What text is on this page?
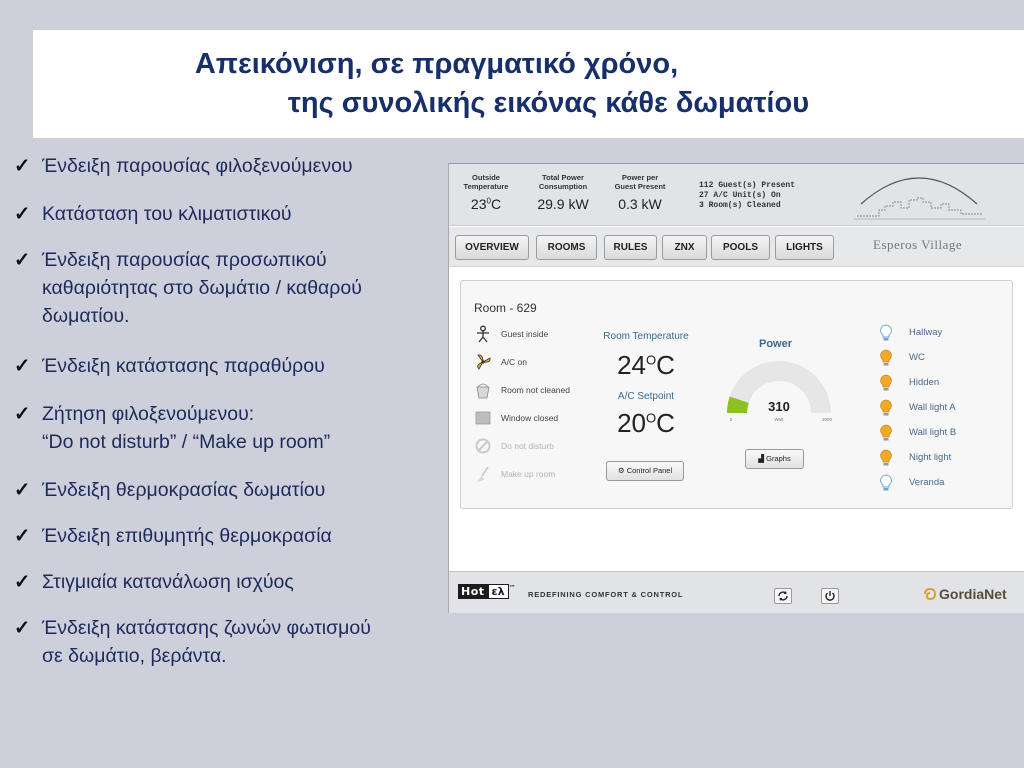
Απεικόνιση, σε πραγματικό χρόνο,
της συνολικής εικόνας κάθε δωματίου
✓ Ένδειξη παρουσίας φιλοξενούμενου
✓ Κατάσταση του κλιματιστικού
✓ Ένδειξη παρουσίας προσωπικού
καθαριότητας στο δωμάτιο / καθαρού
δωματίου.
✓ Ένδειξη κατάστασης παραθύρου
✓ Ζήτηση φιλοξενούμενου:
“Do not disturb” / “Make up room”
✓ Ένδειξη θερμοκρασίας δωματίου
✓ Ένδειξη επιθυμητής θερμοκρασία
✓ Στιγμιαία κατανάλωση ισχύος
✓ Ένδειξη κατάστασης ζωνών φωτισμού
σε δωμάτιο, βεράντα.
Outside
Temperature
$23^0C$
Total Power
Consumption
29.9 kW
Power per
Guest Present
0.3 kW
112 Guest(s) Present
27 A/C Unit(s) On
3 Room(s) Cleaned
OVERVIEW	ROOMS	RULES	ZNX	POOLS	LIGHTS	Esperos Village
Room - 629
Guest inside
A/C on
Room not cleaned
Window closed
Do not disturb
Make up room
Room Temperature
$24^OC$
A/C Setpoint
$20^OC$
⚙ Control Panel
Power
310
0	Watt	3000
▟ Graphs
Hallway
WC
Hidden
Wall light A
Wall light B
Night light
Veranda
Hot ελ ™
REDEFINING COMFORT & CONTROL	GordiaNet
